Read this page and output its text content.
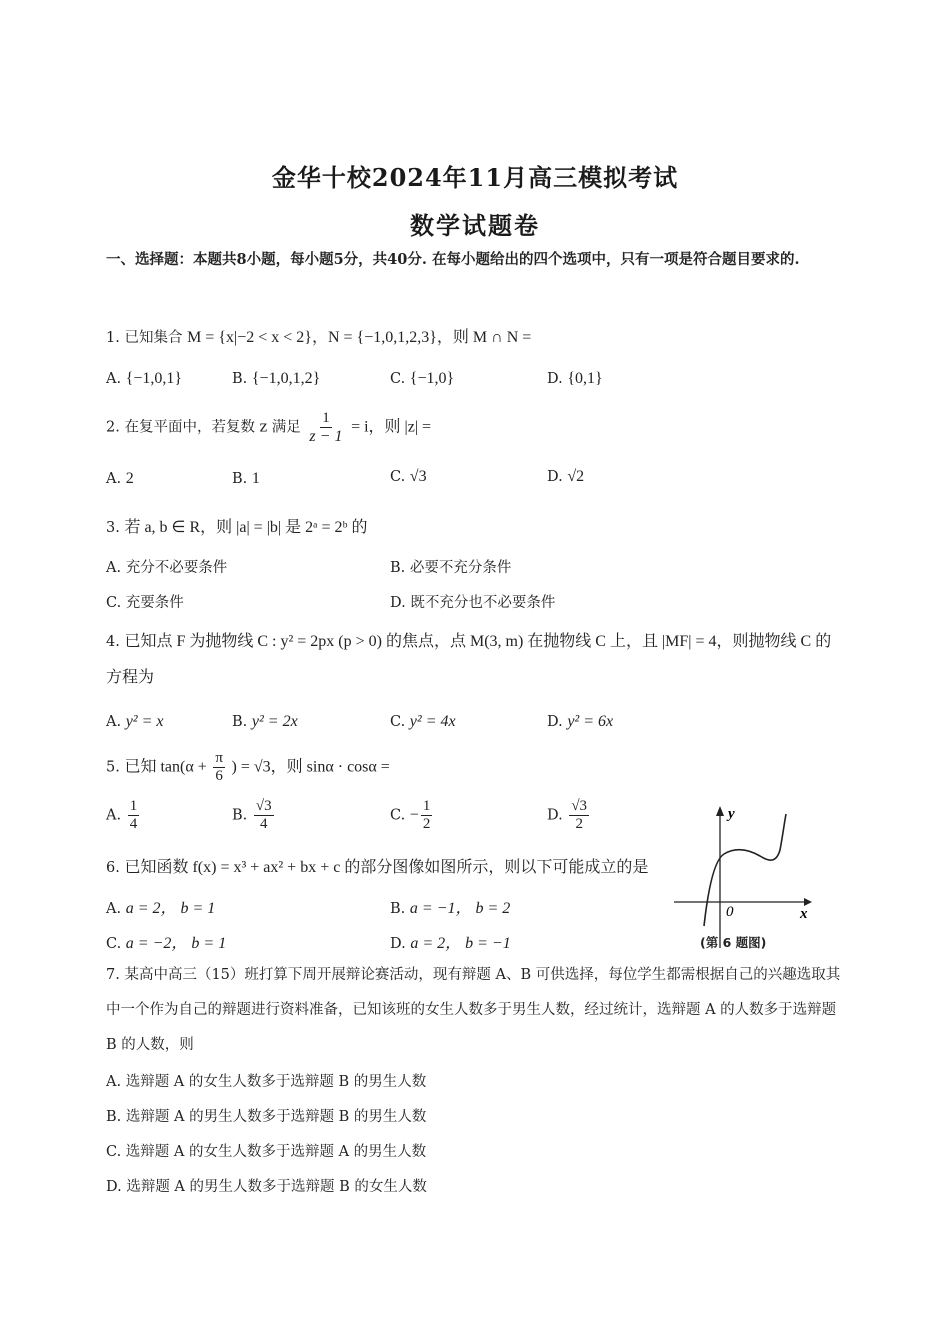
金华十校2024年11月高三模拟考试
数学试题卷
一、选择题：本题共8小题，每小题5分，共40分. 在每小题给出的四个选项中，只有一项是符合题目要求的.
1. 已知集合 M = {x|−2 < x < 2}，N = {−1,0,1,2,3}，则 M ∩ N =
A. {−1,0,1}	B. {−1,0,1,2}	C. {−1,0}	D. {0,1}
2. 在复平面中，若复数 z 满足 $\frac{1}{z - 1} = i$，则 |z| =
A. 2	B. 1	C. √3	D. √2
3. 若 a, b ∈ R，则 |a| = |b| 是 2ᵃ = 2ᵇ 的
A. 充分不必要条件	B. 必要不充分条件
C. 充要条件	D. 既不充分也不必要条件
4. 已知点 F 为抛物线 C : y² = 2px (p > 0) 的焦点，点 M(3, m) 在抛物线 C 上，且 |MF| = 4，则抛物线 C 的方程为
A. y² = x	B. y² = 2x	C. y² = 4x	D. y² = 6x
5. 已知 $\tan(\alpha + \frac{\pi}{6}$ ) = √3，则 sinα · cosα =
A. $\frac{1}{4}$	B. $\frac{√3}{4}$	C. − $\frac{1}{2}$	D. $\frac{√3}{2}$
6. 已知函数 f(x) = x³ + ax² + bx + c 的部分图像如图所示，则以下可能成立的是
A. a = 2， b = 1	B. a = −1， b = 2
C. a = −2， b = 1	D. a = 2， b = −1
y
0	x
(第 6 题图)
7. 某高中高三（15）班打算下周开展辩论赛活动，现有辩题 A、B 可供选择，每位学生都需根据自己的兴趣选取其中一个作为自己的辩题进行资料准备，已知该班的女生人数多于男生人数，经过统计，选辩题 A 的人数多于选辩题 B 的人数，则
A. 选辩题 A 的女生人数多于选辩题 B 的男生人数
B. 选辩题 A 的男生人数多于选辩题 B 的男生人数
C. 选辩题 A 的女生人数多于选辩题 A 的男生人数
D. 选辩题 A 的男生人数多于选辩题 B 的女生人数
